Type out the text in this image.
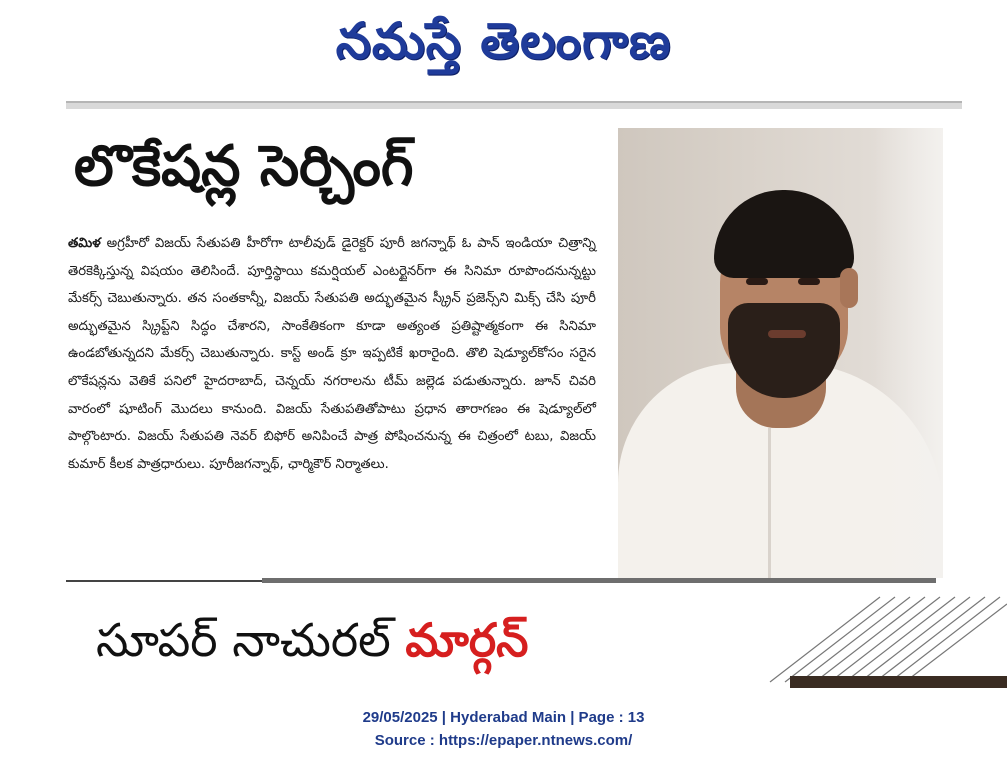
నమస్తే తెలంగాణ
లొకేషన్ల సెర్చింగ్
తమిళ అగ్రహీరో విజయ్ సేతుపతి హీరోగా టాలీవుడ్ డైరెక్టర్ పూరీ జగన్నాథ్ ఓ పాన్ ఇండియా చిత్రాన్ని తెరకెక్కిస్తున్న విషయం తెలిసిందే. పూర్తిస్థాయి కమర్షియల్ ఎంటర్టైనర్‌గా ఈ సినిమా రూపొందనున్నట్టు మేకర్స్ చెబుతున్నారు. తన సంతకాన్నీ, విజయ్ సేతుపతి అద్భుతమైన స్క్రీన్ ప్రజెన్స్‌ని మిక్స్ చేసి పూరీ అద్భుతమైన స్క్రిప్ట్‌ని సిద్ధం చేశారని, సాంకేతికంగా కూడా అత్యంత ప్రతిష్టాత్మకంగా ఈ సినిమా ఉండబోతున్నదని మేకర్స్ చెబుతున్నారు. కాస్ట్ అండ్ క్రూ ఇప్పటికే ఖరారైంది. తొలి షెడ్యూల్‌కోసం సరైన లొకేషన్లను వెతికే పనిలో హైదరాబాద్, చెన్నయ్ నగరాలను టీమ్ జల్లెడ పడుతున్నారు. జూన్ చివరి వారంలో షూటింగ్ మొదలు కానుంది. విజయ్ సేతుపతితోపాటు ప్రధాన తారాగణం ఈ షెడ్యూల్‌లో పాల్గొంటారు. విజయ్ సేతుపతి నెవర్ బిఫోర్ అనిపించే పాత్ర పోషించనున్న ఈ చిత్రంలో టబు, విజయ్ కుమార్ కీలక పాత్రధారులు. పూరీజగన్నాథ్, ఛార్మికౌర్ నిర్మాతలు.
సూపర్ నాచురల్ మార్గన్
29/05/2025 | Hyderabad Main | Page : 13
Source : https://epaper.ntnews.com/
